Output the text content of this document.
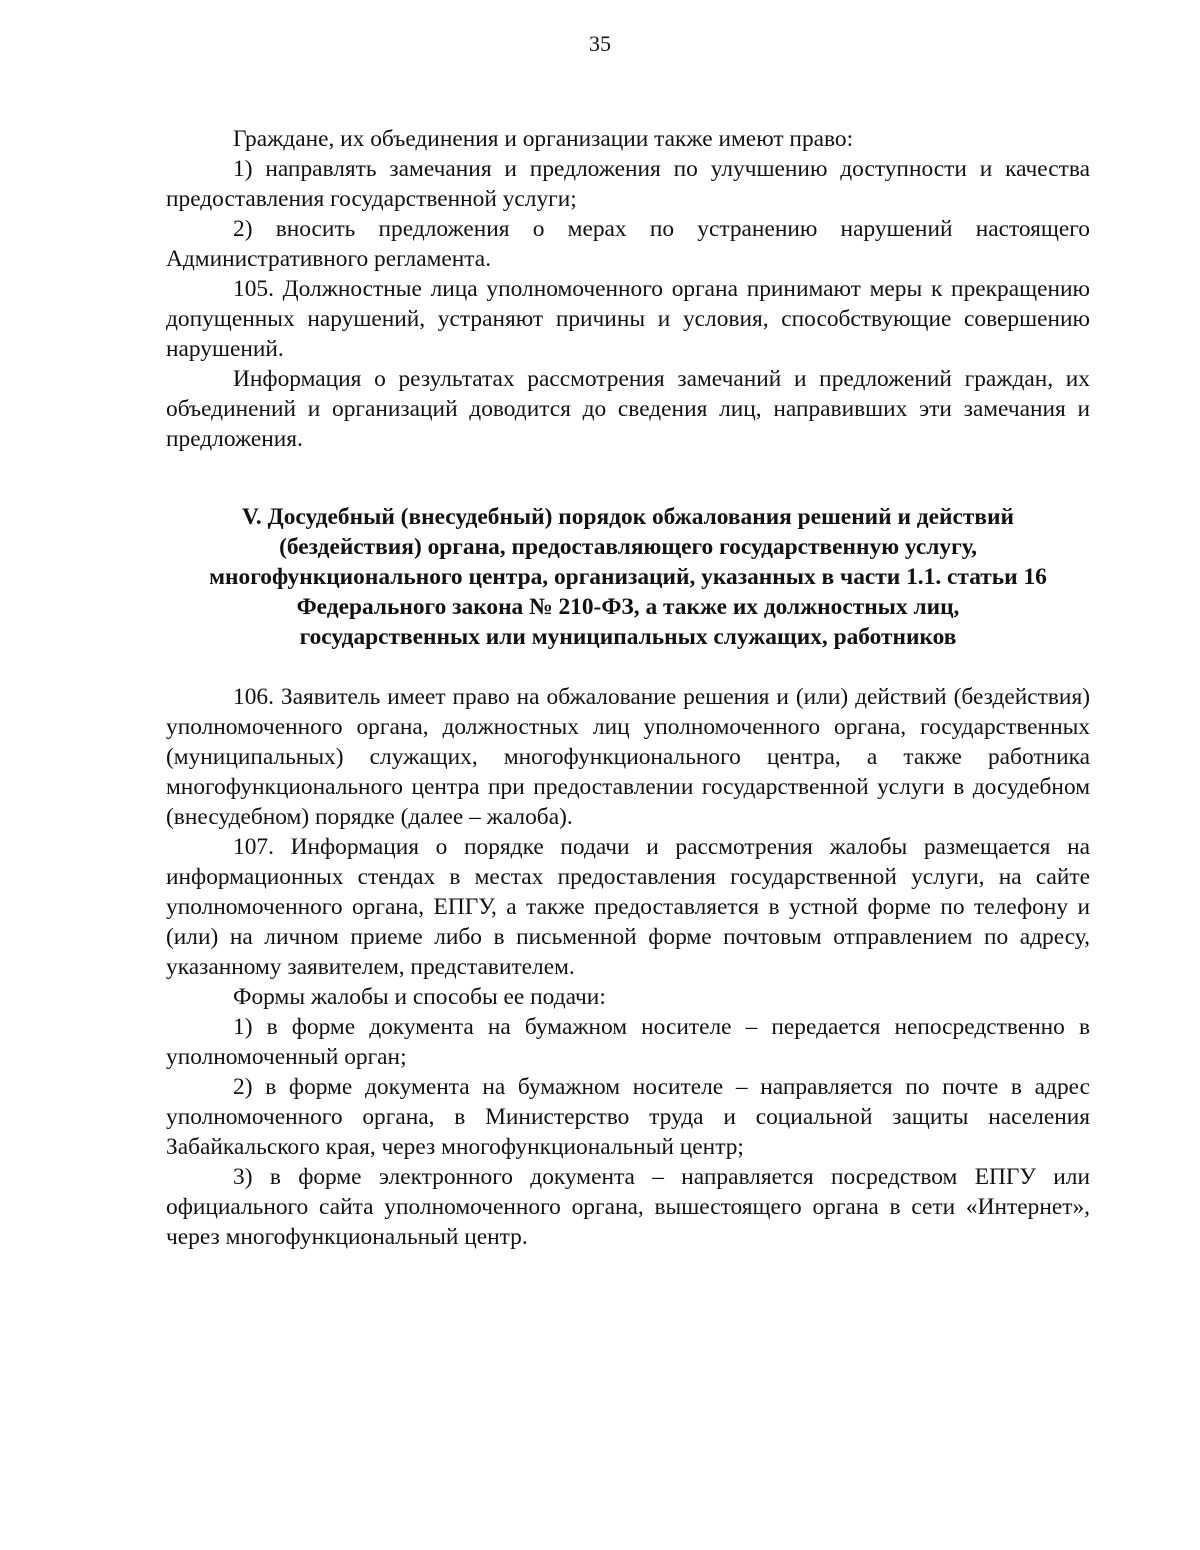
35

Граждане, их объединения и организации также имеют право:

1) направлять замечания и предложения по улучшению доступности и качества предоставления государственной услуги;

2) вносить предложения о мерах по устранению нарушений настоящего Административного регламента.

105. Должностные лица уполномоченного органа принимают меры к прекращению допущенных нарушений, устраняют причины и условия, способствующие совершению нарушений.

Информация о результатах рассмотрения замечаний и предложений граждан, их объединений и организаций доводится до сведения лиц, направивших эти замечания и предложения.

V. Досудебный (внесудебный) порядок обжалования решений и действий
(бездействия) органа, предоставляющего государственную услугу,
многофункционального центра, организаций, указанных в части 1.1. статьи 16
Федерального закона № 210-ФЗ, а также их должностных лиц,
государственных или муниципальных служащих, работников

106. Заявитель имеет право на обжалование решения и (или) действий (бездействия) уполномоченного органа, должностных лиц уполномоченного органа, государственных (муниципальных) служащих, многофункционального центра, а также работника многофункционального центра при предоставлении государственной услуги в досудебном (внесудебном) порядке (далее – жалоба).

107. Информация о порядке подачи и рассмотрения жалобы размещается на информационных стендах в местах предоставления государственной услуги, на сайте уполномоченного органа, ЕПГУ, а также предоставляется в устной форме по телефону и (или) на личном приеме либо в письменной форме почтовым отправлением по адресу, указанному заявителем, представителем.

Формы жалобы и способы ее подачи:

1) в форме документа на бумажном носителе – передается непосредственно в уполномоченный орган;

2) в форме документа на бумажном носителе – направляется по почте в адрес уполномоченного органа, в Министерство труда и социальной защиты населения Забайкальского края, через многофункциональный центр;

3) в форме электронного документа – направляется посредством ЕПГУ или официального сайта уполномоченного органа, вышестоящего органа в сети «Интернет», через многофункциональный центр.
